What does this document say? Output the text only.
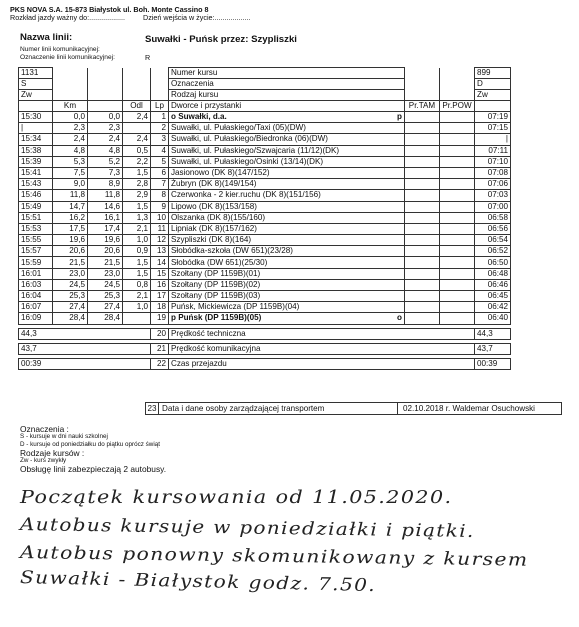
PKS NOVA S.A. 15-873 Białystok ul. Boh. Monte Cassino 8
Rozkład jazdy ważny do:..................	Dzień wejścia w życie:..................
Nazwa linii:	Suwałki - Puńsk przez: Szypliszki
Numer linii komunikacyjnej:
Oznaczenie linii komunikacyjnej:	R
1131					Numer kursu			899
S					Oznaczenia			D
Zw					Rodzaj kursu			Zw
	Km		Odl	Lp	Dworce i przystanki	Pr.TAM	Pr.POW	
15:30	0,0	0,0	2,4	1	o Suwałki, d.a. p			07:19
|	2,3	2,3		2	Suwałki, ul. Pułaskiego/Taxi (05)(DW)			07:15
15:34	2,4	2,4	2,4	3	Suwałki, ul. Pułaskiego/Biedronka (06)(DW)			|
15:38	4,8	4,8	0,5	4	Suwałki, ul. Pułaskiego/Szwajcaria (11/12)(DK)			07:11
15:39	5,3	5,2	2,2	5	Suwałki, ul. Pułaskiego/Osinki (13/14)(DK)			07:10
15:41	7,5	7,3	1,5	6	Jasionowo (DK 8)(147/152)			07:08
15:43	9,0	8,9	2,8	7	Żubryn (DK 8)(149/154)			07:06
15:46	11,8	11,8	2,9	8	Czerwonka - 2 kier.ruchu (DK 8)(151/156)			07:03
15:49	14,7	14,6	1,5	9	Lipowo (DK 8)(153/158)			07:00
15:51	16,2	16,1	1,3	10	Olszanka (DK 8)(155/160)			06:58
15:53	17,5	17,4	2,1	11	Lipniak (DK 8)(157/162)			06:56
15:55	19,6	19,6	1,0	12	Szypliszki (DK 8)(164)			06:54
15:57	20,6	20,6	0,9	13	Słobódka-szkoła (DW 651)(23/28)			06:52
15:59	21,5	21,5	1,5	14	Słobódka (DW 651)(25/30)			06:50
16:01	23,0	23,0	1,5	15	Szołtany (DP 1159B)(01)			06:48
16:03	24,5	24,5	0,8	16	Szołtany (DP 1159B)(02)			06:46
16:04	25,3	25,3	2,1	17	Szołtany (DP 1159B)(03)			06:45
16:07	27,4	27,4	1,0	18	Puńsk, Mickiewicza (DP 1159B)(04)			06:42
16:09	28,4	28,4		19	p Puńsk (DP 1159B)(05) o			06:40

44,3				20	Prędkość techniczna			44,3

43,7				21	Prędkość komunikacyjna			43,7

00:39				22	Czas przejazdu			00:39
23 Data i dane osoby zarządzającej transportem	02.10.2018 r. Waldemar Osuchowski
Oznaczenia :
S - kursuje w dni nauki szkolnej
D - kursuje od poniedziałku do piątku oprócz świąt
Rodzaje kursów :
Zw - kurs zwykły
Obsługę linii zabezpieczają 2 autobusy.
Początek kursowania od 11.05.2020.
Autobus kursuje w poniedziałki i piątki.
Autobus ponowny skomunikowany z kursem
Suwałki - Białystok godz. 7.50.
